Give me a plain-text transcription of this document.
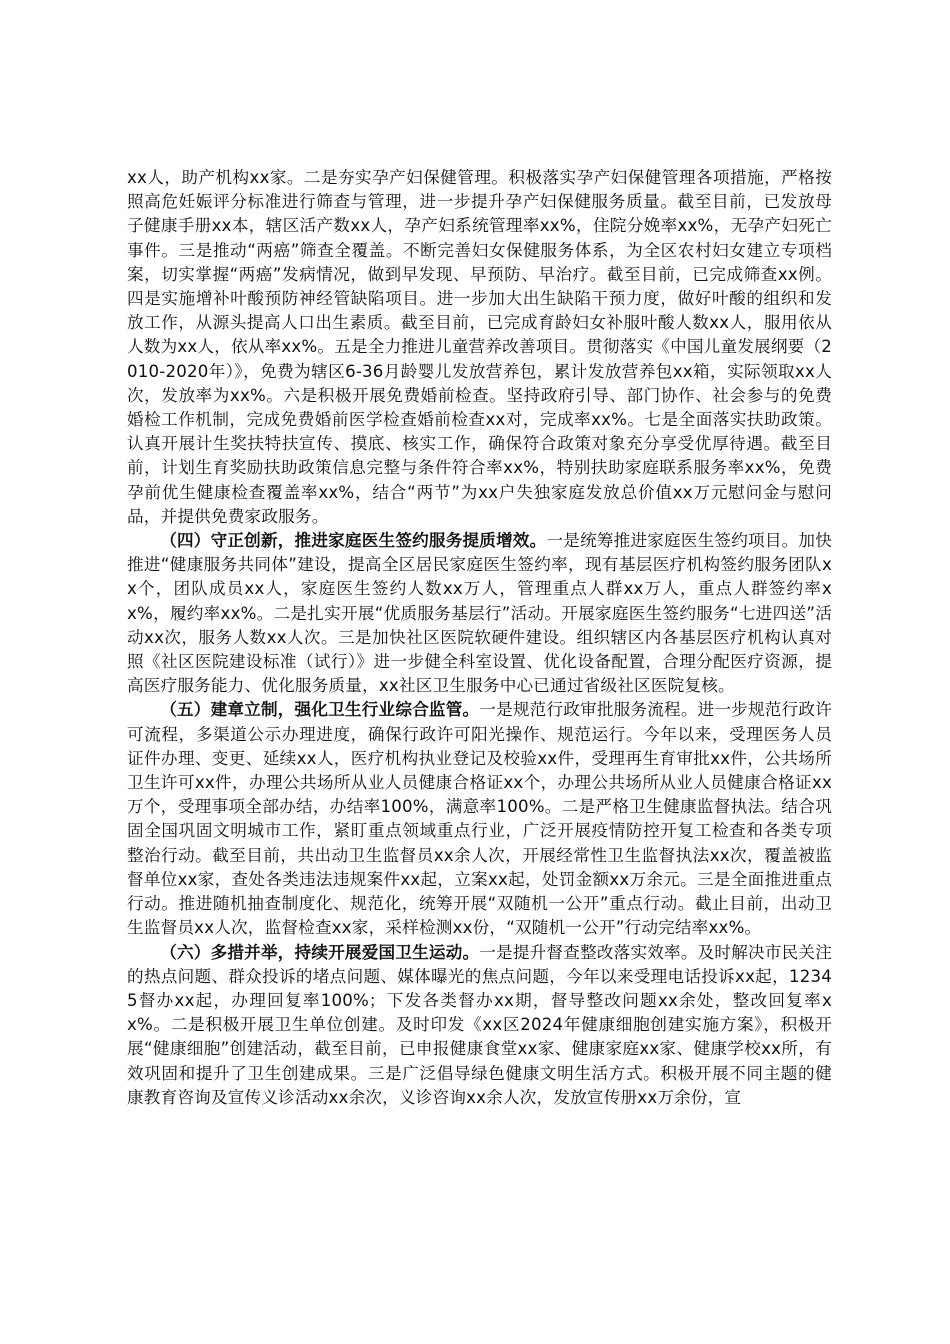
xx人，助产机构xx家。二是夯实孕产妇保健管理。积极落实孕产妇保健管理各项措施，严格按照高危妊娠评分标准进行筛查与管理，进一步提升孕产妇保健服务质量。截至目前，已发放母子健康手册xx本，辖区活产数xx人，孕产妇系统管理率xx%，住院分娩率xx%，无孕产妇死亡事件。三是推动“两癌”筛查全覆盖。不断完善妇女保健服务体系，为全区农村妇女建立专项档案，切实掌握“两癌”发病情况，做到早发现、早预防、早治疗。截至目前，已完成筛查xx例。四是实施增补叶酸预防神经管缺陷项目。进一步加大出生缺陷干预力度，做好叶酸的组织和发放工作，从源头提高人口出生素质。截至目前，已完成育龄妇女补服叶酸人数xx人，服用依从人数为xx人，依从率xx%。五是全力推进儿童营养改善项目。贯彻落实《中国儿童发展纲要（2010-2020年）》，免费为辖区6-36月龄婴儿发放营养包，累计发放营养包xx箱，实际领取xx人次，发放率为xx%。六是积极开展免费婚前检查。坚持政府引导、部门协作、社会参与的免费婚检工作机制，完成免费婚前医学检查婚前检查xx对，完成率xx%。七是全面落实扶助政策。认真开展计生奖扶特扶宣传、摸底、核实工作，确保符合政策对象充分享受优厚待遇。截至目前，计划生育奖励扶助政策信息完整与条件符合率xx%，特别扶助家庭联系服务率xx%，免费孕前优生健康检查覆盖率xx%，结合“两节”为xx户失独家庭发放总价值xx万元慰问金与慰问品，并提供免费家政服务。

（四）守正创新，推进家庭医生签约服务提质增效。一是统筹推进家庭医生签约项目。加快推进“健康服务共同体”建设，提高全区居民家庭医生签约率，现有基层医疗机构签约服务团队xx个，团队成员xx人，家庭医生签约人数xx万人，管理重点人群xx万人，重点人群签约率xx%，履约率xx%。二是扎实开展“优质服务基层行”活动。开展家庭医生签约服务“七进四送”活动xx次，服务人数xx人次。三是加快社区医院软硬件建设。组织辖区内各基层医疗机构认真对照《社区医院建设标准（试行）》进一步健全科室设置、优化设备配置，合理分配医疗资源，提高医疗服务能力、优化服务质量，xx社区卫生服务中心已通过省级社区医院复核。

（五）建章立制，强化卫生行业综合监管。一是规范行政审批服务流程。进一步规范行政许可流程，多渠道公示办理进度，确保行政许可阳光操作、规范运行。今年以来，受理医务人员证件办理、变更、延续xx人，医疗机构执业登记及校验xx件，受理再生育审批xx件，公共场所卫生许可xx件，办理公共场所从业人员健康合格证xx个，办理公共场所从业人员健康合格证xx万个，受理事项全部办结，办结率100%，满意率100%。二是严格卫生健康监督执法。结合巩固全国巩固文明城市工作，紧盯重点领域重点行业，广泛开展疫情防控开复工检查和各类专项整治行动。截至目前，共出动卫生监督员xx余人次，开展经常性卫生监督执法xx次，覆盖被监督单位xx家，查处各类违法违规案件xx起，立案xx起，处罚金额xx万余元。三是全面推进重点行动。推进随机抽查制度化、规范化，统筹开展“双随机一公开”重点行动。截止目前，出动卫生监督员xx人次，监督检查xx家，采样检测xx份，“双随机一公开”行动完结率xx%。

（六）多措并举，持续开展爱国卫生运动。一是提升督查整改落实效率。及时解决市民关注的热点问题、群众投诉的堵点问题、媒体曝光的焦点问题，今年以来受理电话投诉xx起，12345督办xx起，办理回复率100%；下发各类督办xx期，督导整改问题xx余处，整改回复率xx%。二是积极开展卫生单位创建。及时印发《xx区2024年健康细胞创建实施方案》，积极开展“健康细胞”创建活动，截至目前，已申报健康食堂xx家、健康家庭xx家、健康学校xx所，有效巩固和提升了卫生创建成果。三是广泛倡导绿色健康文明生活方式。积极开展不同主题的健康教育咨询及宣传义诊活动xx余次，义诊咨询xx余人次，发放宣传册xx万余份，宣
